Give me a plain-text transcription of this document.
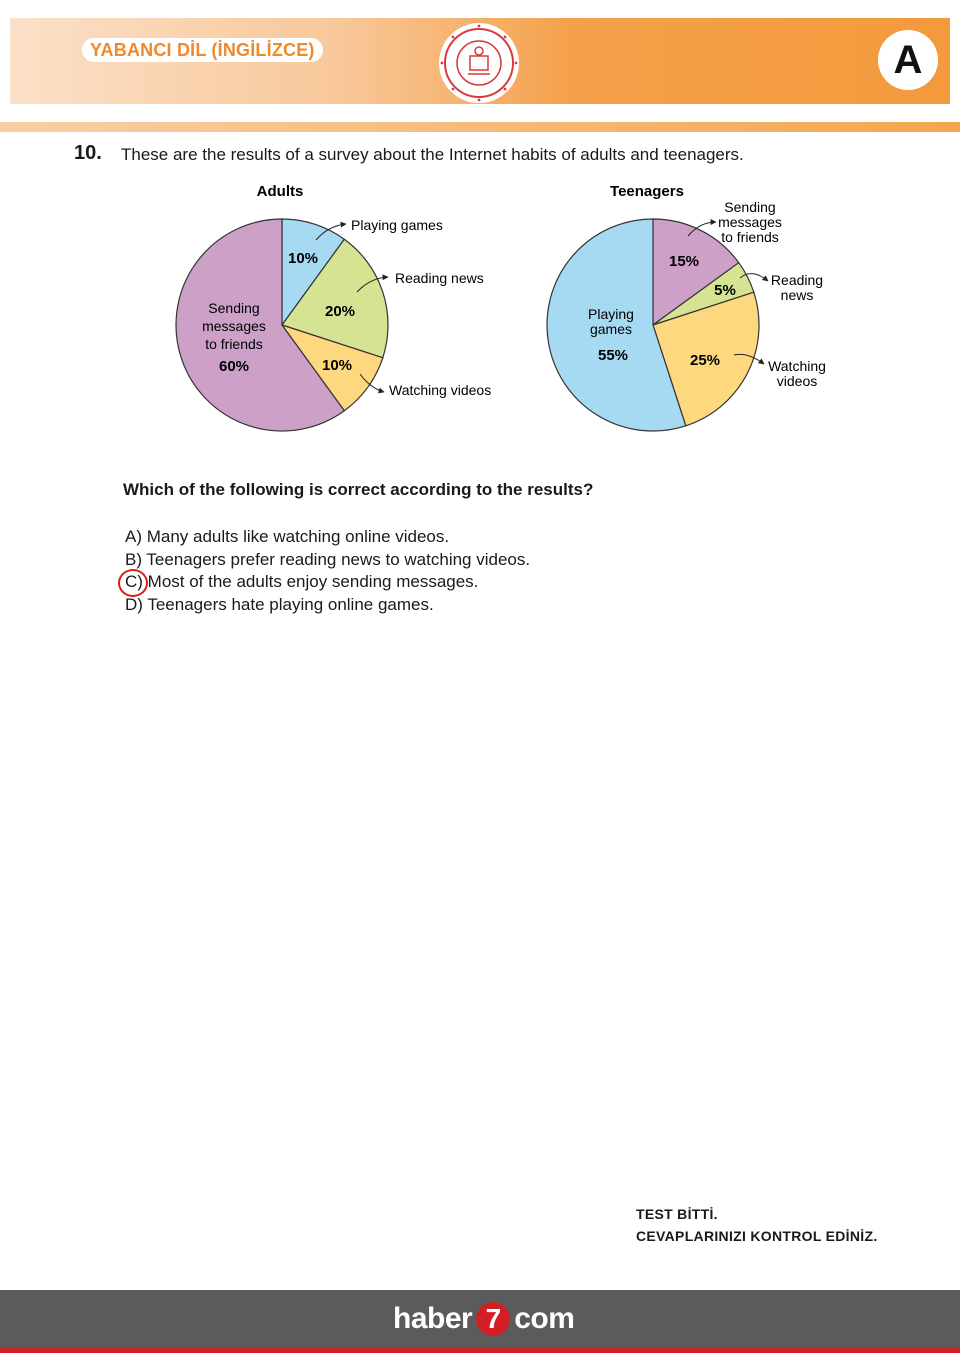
YABANCI DİL (İNGİLİZCE)	A
10. These are the results of a survey about the Internet habits of adults and teenagers.
Adults
Playing games
10%
Reading news
20%
Watching videos
10%
Sending messages to friends
60%
Teenagers
Sending messages to friends
15%
Reading news
5%
Watching videos
25%
Playing games
55%
Which of the following is correct according to the results?
A) Many adults like watching online videos.
B) Teenagers prefer reading news to watching videos.
C) Most of the adults enjoy sending messages.
D) Teenagers hate playing online games.
TEST BİTTİ.
CEVAPLARINIZI KONTROL EDİNİZ.
haber 7 com
